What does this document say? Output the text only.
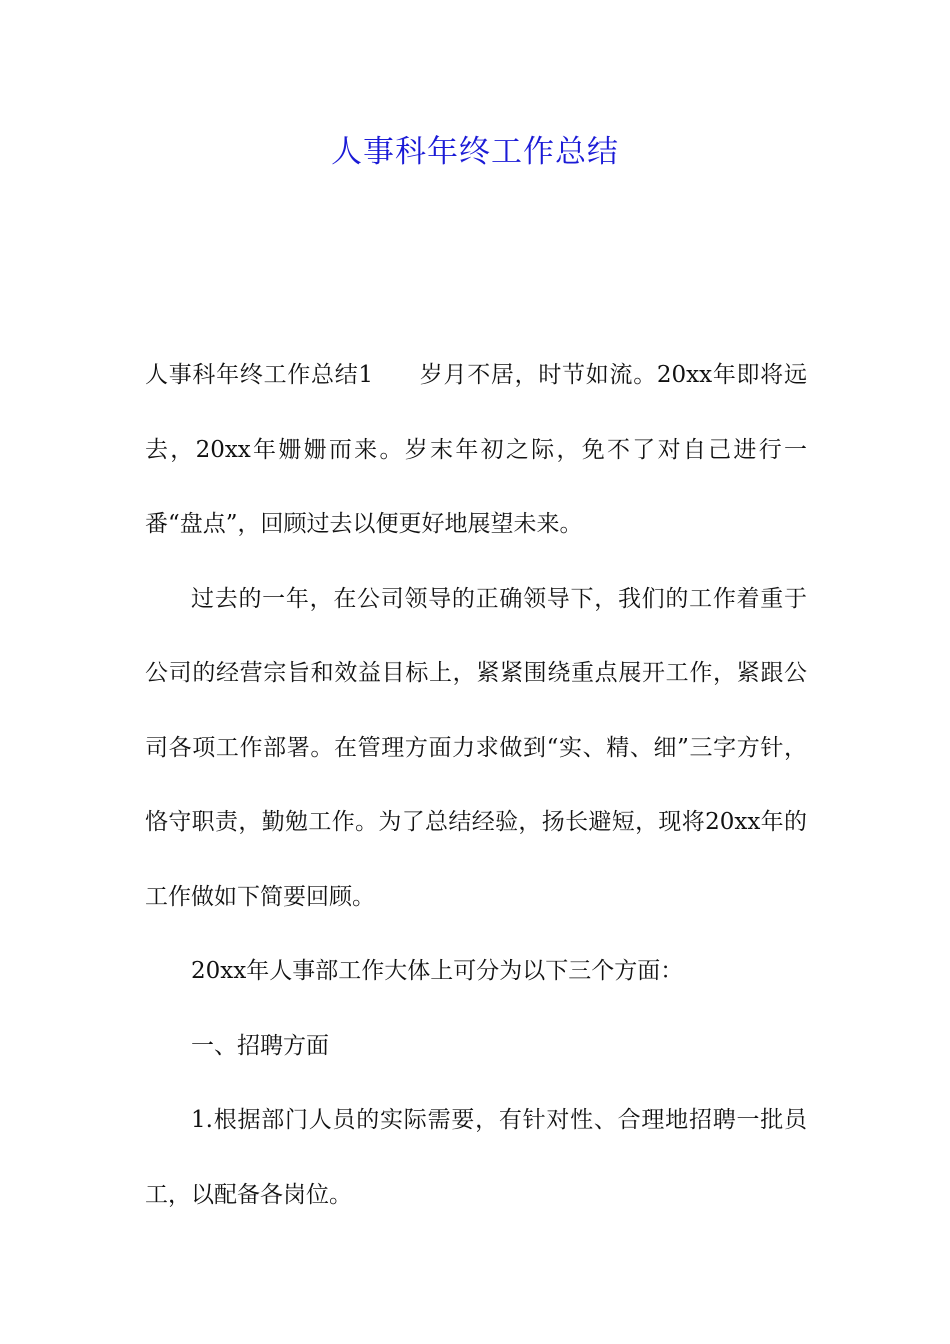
人事科年终工作总结

人事科年终工作总结1 岁月不居，时节如流。20xx年即将远去，20xx年姗姗而来。岁末年初之际，免不了对自己进行一番“盘点”，回顾过去以便更好地展望未来。

过去的一年，在公司领导的正确领导下，我们的工作着重于公司的经营宗旨和效益目标上，紧紧围绕重点展开工作，紧跟公司各项工作部署。在管理方面力求做到“实、精、细”三字方针，恪守职责，勤勉工作。为了总结经验，扬长避短，现将20xx年的工作做如下简要回顾。

20xx年人事部工作大体上可分为以下三个方面：

一、招聘方面

1.根据部门人员的实际需要，有针对性、合理地招聘一批员工，以配备各岗位。
